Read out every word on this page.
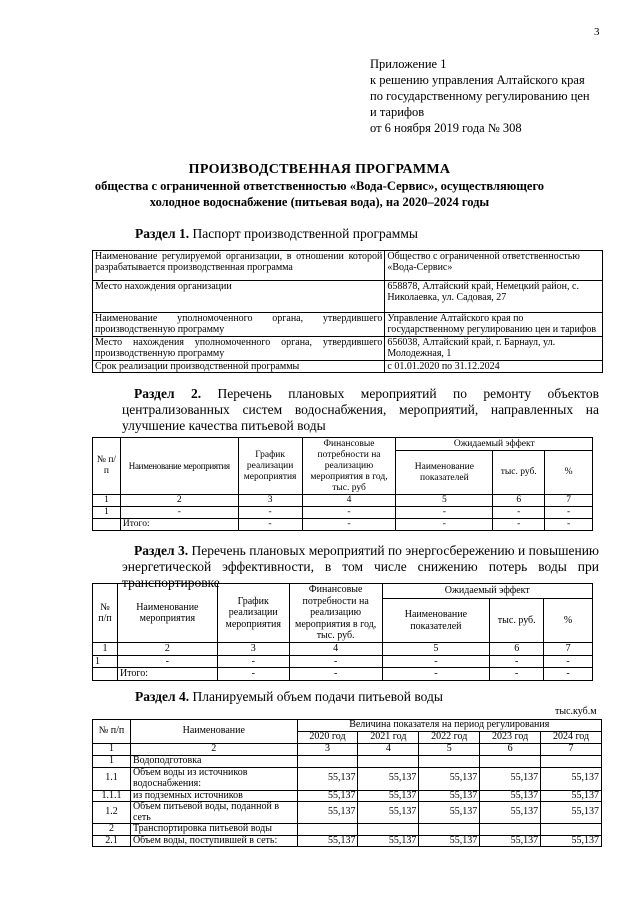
3
Приложение 1
к решению управления Алтайского края
по государственному регулированию цен
и тарифов
от 6 ноября 2019 года № 308
ПРОИЗВОДСТВЕННАЯ ПРОГРАММА
общества с ограниченной ответственностью «Вода-Сервис», осуществляющего
холодное водоснабжение (питьевая вода), на 2020–2024 годы
Раздел 1. Паспорт производственной программы
Наименование регулируемой организации, в отношении которой разрабатывается производственная программа	Общество с ограниченной ответственностью «Вода-Сервис»
Место нахождения организации	658878, Алтайский край, Немецкий район, с. Николаевка, ул. Садовая, 27
Наименование уполномоченного органа, утвердившего производственную программу	Управление Алтайского края по государственному регулированию цен и тарифов
Место нахождения уполномоченного органа, утвердившего производственную программу	656038, Алтайский край, г. Барнаул, ул. Молодежная, 1
Срок реализации производственной программы	с 01.01.2020 по 31.12.2024
Раздел 2. Перечень плановых мероприятий по ремонту объектов централизованных систем водоснабжения, мероприятий, направленных на улучшение качества питьевой воды
№ п/п	Наименование мероприятия	График реализации мероприятия	Финансовые потребности на реализацию мероприятия в год, тыс. руб	Ожидаемый эффект		
				Наименование показателей	тыс. руб.	%
1	2	3	4	5	6	7
1	-	-	-	-	-	-
	Итого:	-	-	-	-	-
Раздел 3. Перечень плановых мероприятий по энергосбережению и повышению энергетической эффективности, в том числе снижению потерь воды при транспортировке
№ п/п	Наименование мероприятия	График реализации мероприятия	Финансовые потребности на реализацию мероприятия в год, тыс. руб.	Ожидаемый эффект		
				Наименование показателей	тыс. руб.	%
1	2	3	4	5	6	7
1	-	-	-	-	-	-
	Итого:	-	-	-	-	-
Раздел 4. Планируемый объем подачи питьевой воды
тыс.куб.м
№ п/п	Наименование	Величина показателя на период регулирования				
		2020 год	2021 год	2022 год	2023 год	2024 год
1	2	3	4	5	6	7
1	Водоподготовка					
1.1	Объем воды из источников водоснабжения:	55,137	55,137	55,137	55,137	55,137
1.1.1	из подземных источников	55,137	55,137	55,137	55,137	55,137
1.2	Объем питьевой воды, поданной в сеть	55,137	55,137	55,137	55,137	55,137
2	Транспортировка питьевой воды					
2.1	Объем воды, поступившей в сеть:	55,137	55,137	55,137	55,137	55,137
